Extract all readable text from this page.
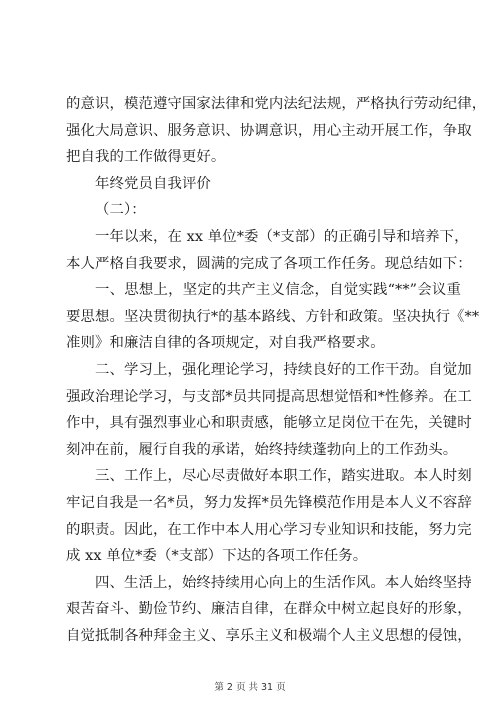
的意识，模范遵守国家法律和党内法纪法规，严格执行劳动纪律，
强化大局意识、服务意识、协调意识，用心主动开展工作，争取
把自我的工作做得更好。
年终党员自我评价
（二）：
一年以来，在 xx 单位*委（*支部）的正确引导和培养下，
本人严格自我要求，圆满的完成了各项工作任务。现总结如下：
一、思想上，坚定的共产主义信念，自觉实践“**”会议重
要思想。坚决贯彻执行*的基本路线、方针和政策。坚决执行《**
准则》和廉洁自律的各项规定，对自我严格要求。
二、学习上，强化理论学习，持续良好的工作干劲。自觉加
强政治理论学习，与支部*员共同提高思想觉悟和*性修养。在工
作中，具有强烈事业心和职责感，能够立足岗位干在先，关键时
刻冲在前，履行自我的承诺，始终持续蓬勃向上的工作劲头。
三、工作上，尽心尽责做好本职工作，踏实进取。本人时刻
牢记自我是一名*员，努力发挥*员先锋模范作用是本人义不容辞
的职责。因此，在工作中本人用心学习专业知识和技能，努力完
成 xx 单位*委（*支部）下达的各项工作任务。
四、生活上，始终持续用心向上的生活作风。本人始终坚持
艰苦奋斗、勤俭节约、廉洁自律，在群众中树立起良好的形象，
自觉抵制各种拜金主义、享乐主义和极端个人主义思想的侵蚀，
第 2 页 共 31 页
